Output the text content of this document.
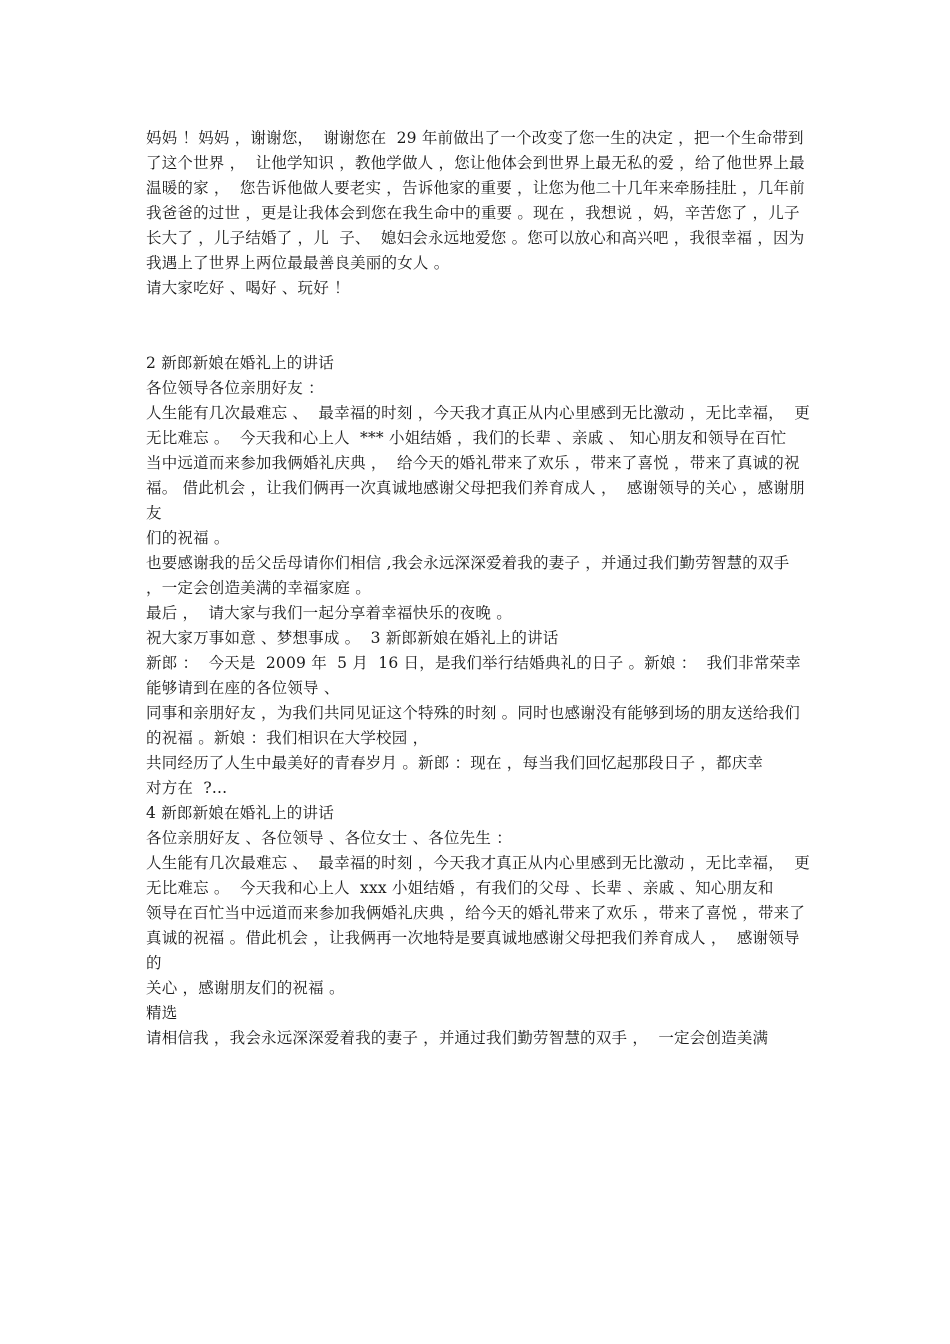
妈妈 ！妈妈 ，谢谢您，  谢谢您在  29 年前做出了一个改变了您一生的决定 ，把一个生命带到了这个世界 ，  让他学知识 ，教他学做人 ，您让他体会到世界上最无私的爱 ，给了他世界上最温暖的家 ，  您告诉他做人要老实 ，告诉他家的重要 ，让您为他二十几年来牵肠挂肚 ，几年前我爸爸的过世 ，更是让我体会到您在我生命中的重要 。现在 ，我想说 ，妈，辛苦您了 ，儿子长大了 ，儿子结婚了 ，儿  子、  媳妇会永远地爱您 。您可以放心和高兴吧 ，我很幸福 ，因为我遇上了世界上两位最最善良美丽的女人 。

请大家吃好 、喝好 、玩好 ！

2 新郎新娘在婚礼上的讲话

各位领导各位亲朋好友 ：

人生能有几次最难忘 、  最幸福的时刻 ，今天我才真正从内心里感到无比激动 ，无比幸福，  更无比难忘 。  今天我和心上人  *** 小姐结婚 ，我们的长辈 、亲戚 、 知心朋友和领导在百忙

当中远道而来参加我俩婚礼庆典 ，  给今天的婚礼带来了欢乐 ，带来了喜悦 ，带来了真诚的祝

福。 借此机会 ，让我们俩再一次真诚地感谢父母把我们养育成人 ，  感谢领导的关心 ，感谢朋友

们的祝福 。

也要感谢我的岳父岳母请你们相信 ,我会永远深深爱着我的妻子 ，并通过我们勤劳智慧的双手 ，一定会创造美满的幸福家庭 。

最后 ，  请大家与我们一起分享着幸福快乐的夜晚 。

祝大家万事如意 、梦想事成 。  3 新郎新娘在婚礼上的讲话

新郎 ：  今天是  2009 年  5 月  16 日，是我们举行结婚典礼的日子 。新娘 ：  我们非常荣幸

能够请到在座的各位领导 、

同事和亲朋好友 ，为我们共同见证这个特殊的时刻 。同时也感谢没有能够到场的朋友送给我们的祝福 。新娘 ：我们相识在大学校园 ，

共同经历了人生中最美好的青春岁月 。新郎 ：现在 ，每当我们回忆起那段日子 ，都庆幸

对方在  ?...

4 新郎新娘在婚礼上的讲话

各位亲朋好友 、各位领导 、各位女士 、各位先生 ：

人生能有几次最难忘 、  最幸福的时刻 ，今天我才真正从内心里感到无比激动 ，无比幸福，  更无比难忘 。  今天我和心上人  xxx 小姐结婚 ，有我们的父母 、长辈 、亲戚 、知心朋友和

领导在百忙当中远道而来参加我俩婚礼庆典 ，给今天的婚礼带来了欢乐 ，带来了喜悦 ，带来了

真诚的祝福 。借此机会 ，让我俩再一次地特是要真诚地感谢父母把我们养育成人 ，  感谢领导的

关心 ，感谢朋友们的祝福 。

精选

请相信我 ，我会永远深深爱着我的妻子 ，并通过我们勤劳智慧的双手 ，  一定会创造美满
